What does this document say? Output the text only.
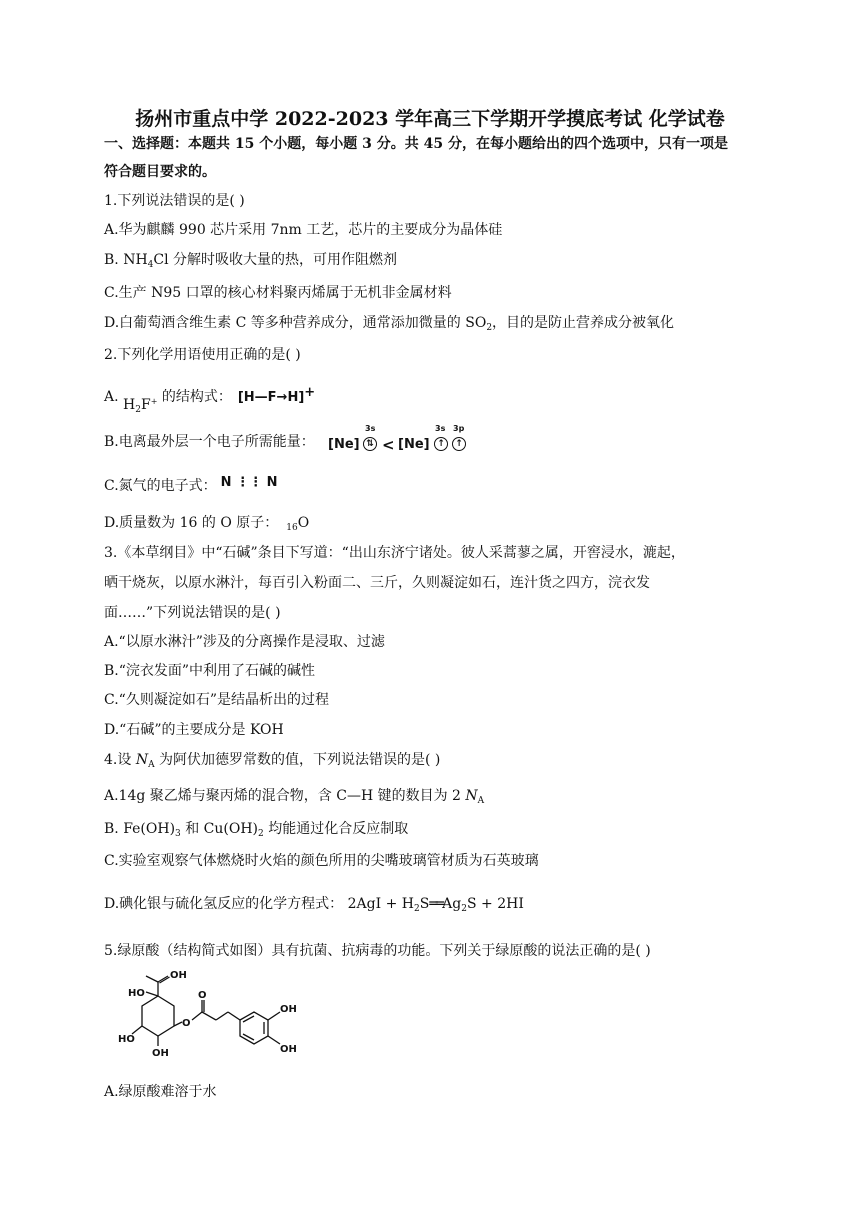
扬州市重点中学 2022-2023 学年高三下学期开学摸底考试 化学试卷
一、选择题：本题共 15 个小题，每小题 3 分。共 45 分，在每小题给出的四个选项中，只有一项是
符合题目要求的。
1.下列说法错误的是( )
A.华为麒麟 990 芯片采用 7nm 工艺，芯片的主要成分为晶体硅
B. $NH_4Cl$ 分解时吸收大量的热，可用作阻燃剂
C.生产 N95 口罩的核心材料聚丙烯属于无机非金属材料
D.白葡萄酒含维生素 C 等多种营养成分，通常添加微量的 $SO_2$，目的是防止营养成分被氧化
2.下列化学用语使用正确的是( )
A. $H_2F^+$ 的结构式： [H—F→H]+
B.电离最外层一个电子所需能量： [Ne]
3s
⇅ < [Ne]
3s 3p
↑	↑
C.氮气的电子式： N ⋮⋮ N
D.质量数为 16 的 O 原子： $_{16}$O
3.《本草纲目》中“石碱”条目下写道：“出山东济宁诸处。彼人采蒿蓼之属，开窖浸水，漉起，
晒干烧灰，以原水淋汁，每百引入粉面二、三斤，久则凝淀如石，连汁货之四方，浣衣发
面……”下列说法错误的是( )
A.“以原水淋汁”涉及的分离操作是浸取、过滤
B.“浣衣发面”中利用了石碱的碱性
C.“久则凝淀如石”是结晶析出的过程
D.“石碱”的主要成分是 KOH
4.设 $N_A$ 为阿伏加德罗常数的值，下列说法错误的是( )
A.14g 聚乙烯与聚丙烯的混合物，含 C—H 键的数目为 2 $N_A$
B. $Fe(OH)_3$ 和 $Cu(OH)_2$ 均能通过化合反应制取
C.实验室观察气体燃烧时火焰的颜色所用的尖嘴玻璃管材质为石英玻璃
D.碘化银与硫化氢反应的化学方程式： $2AgI + H_2S══Ag_2S + 2HI$
5.绿原酸（结构简式如图）具有抗菌、抗病毒的功能。下列关于绿原酸的说法正确的是( )
OH
HO	O
HO
OH
O
OH
OH
A.绿原酸难溶于水
